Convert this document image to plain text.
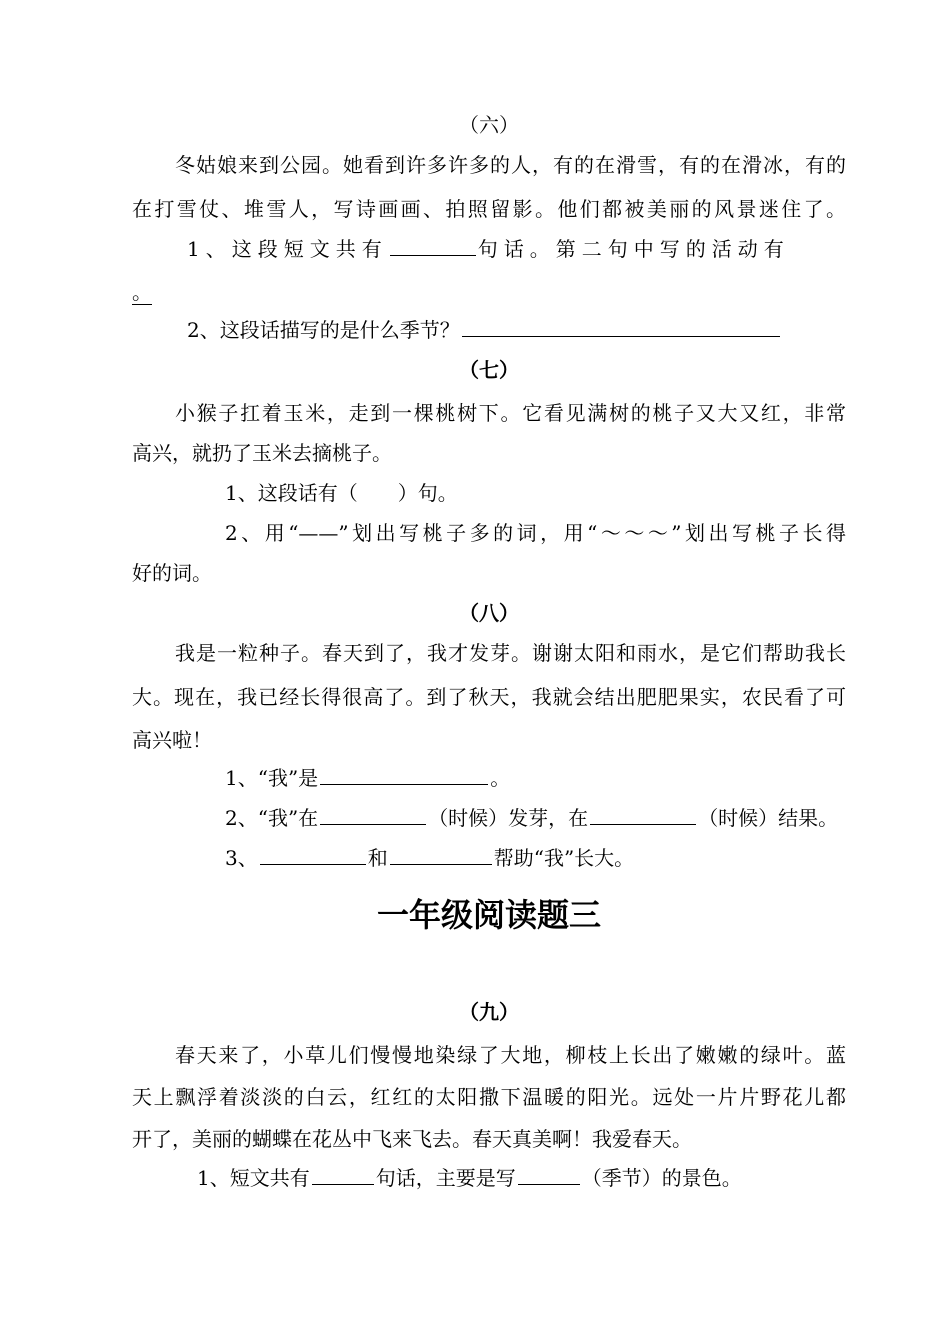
（六）
冬姑娘来到公园。她看到许多许多的人，有的在滑雪，有的在滑冰，有的
在打雪仗、堆雪人，写诗画画、拍照留影。他们都被美丽的风景迷住了。
1、这段短文共有	句话。第二句中写的活动有
。
2、这段话描写的是什么季节？
（七）
小猴子扛着玉米，走到一棵桃树下。它看见满树的桃子又大又红，非常
高兴，就扔了玉米去摘桃子。
1、这段话有（　　）句。
2、用“——”划出写桃子多的词，用“～～～”划出写桃子长得
好的词。
（八）
我是一粒种子。春天到了，我才发芽。谢谢太阳和雨水，是它们帮助我长
大。现在，我已经长得很高了。到了秋天，我就会结出肥肥果实，农民看了可
高兴啦！
1、“我”是	。
2、“我”在	（时候）发芽，在	（时候）结果。
3、	和	帮助“我”长大。
一年级阅读题三
（九）
春天来了，小草儿们慢慢地染绿了大地，柳枝上长出了嫩嫩的绿叶。蓝
天上飘浮着淡淡的白云，红红的太阳撒下温暖的阳光。远处一片片野花儿都
开了，美丽的蝴蝶在花丛中飞来飞去。春天真美啊！我爱春天。
1、短文共有	句话，主要是写	（季节）的景色。
